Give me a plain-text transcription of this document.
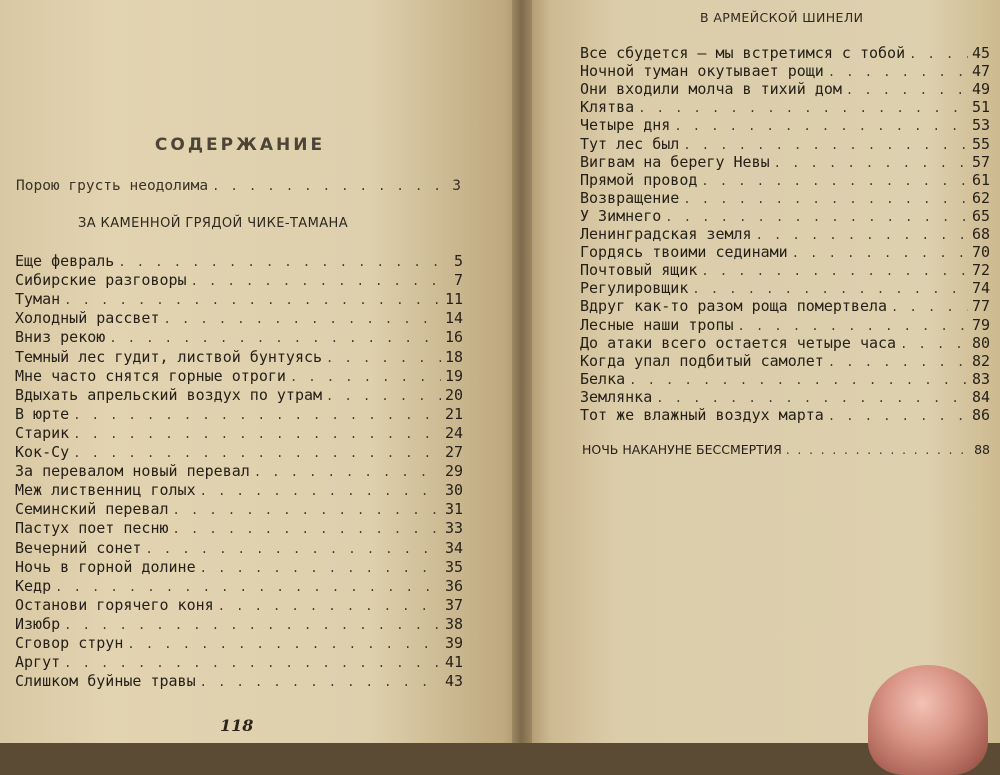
СОДЕРЖАНИЕ
Порою грусть неодолима . . .	3
ЗА КАМЕННОЙ ГРЯДОЙ ЧИКЕ-ТАМАНА
Еще февраль . . .	5
Сибирские разговоры . . .	7
Туман . . .	11
Холодный рассвет . . .	14
Вниз рекою . . .	16
Темный лес гудит, листвой бунтуясь . . .	18
Мне часто снятся горные отроги . . .	19
Вдыхать апрельский воздух по утрам . . .	20
В юрте . . .	21
Старик . . .	24
Кок-Су . . .	27
За перевалом новый перевал . . .	29
Меж лиственниц голых . . .	30
Семинский перевал . . .	31
Пастух поет песню . . .	33
Вечерний сонет . . .	34
Ночь в горной долине . . .	35
Кедр . . .	36
Останови горячего коня . . .	37
Изюбр . . .	38
Сговор струн . . .	39
Аргут . . .	41
Слишком буйные травы . . .	43
В АРМЕЙСКОЙ ШИНЕЛИ
Все сбудется — мы встретимся с тобой . . .	45
Ночной туман окутывает рощи . . .	47
Они входили молча в тихий дом . . .	49
Клятва . . .	51
Четыре дня . . .	53
Тут лес был . . .	55
Вигвам на берегу Невы . . .	57
Прямой провод . . .	61
Возвращение . . .	62
У Зимнего . . .	65
Ленинградская земля . . .	68
Гордясь твоими сединами . . .	70
Почтовый ящик . . .	72
Регулировщик . . .	74
Вдруг как-то разом роща помертвела . . .	77
Лесные наши тропы . . .	79
До атаки всего остается четыре часа . . .	80
Когда упал подбитый самолет . . .	82
Белка . . .	83
Землянка . . .	84
Тот же влажный воздух марта . . .	86
НОЧЬ НАКАНУНЕ БЕССМЕРТИЯ . . .	88
118
